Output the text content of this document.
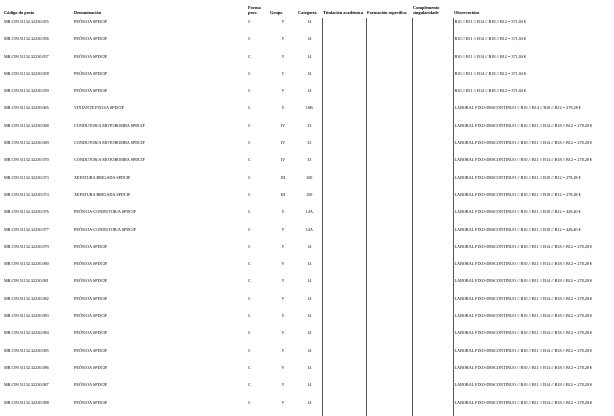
Código do posto	Denominación	Forma prov.	Grupo	Categoría	Titulación académica	Formación específica	Complemento singularidade	Observacións
MR.C99.51132.32230.055	PEÓN/OA SPDCIF	C	V	14				B10 // B11 // B14 // B18 // B12 = 371,04 €
MR.C99.51132.32230.056	PEÓN/OA SPDCIF	C	V	14				B10 // B11 // B14 // B18 // B12 = 371,04 €
MR.C99.51132.32230.057	PEÓN/OA SPDCIF	C	V	14				B10 // B11 // B14 // B18 // B12 = 371,04 €
MR.C99.51132.32230.058	PEÓN/OA SPDCIF	C	V	14				B10 // B11 // B14 // B18 // B12 = 371,04 €
MR.C99.51132.32230.059	PEÓN/OA SPDCIF	C	V	14				B10 // B11 // B14 // B18 // B12 = 371,04 €
MR.C99.51132.32230.065	VIXIANTE FIXO/A SPDCIF	C	V	16B				LABORAL FIXO-DESCONTINUO // B10 // B14 // B18 // B12 = 278,28 €
MR.C99.51132.32230.068	CONDUTOR/A MOTOBOMBA SPDCIF	C	IV	33				LABORAL FIXO-DESCONTINUO // B10 // B11 // B14 // B18 // B12 = 278,28 €
MR.C99.51132.32230.069	CONDUTOR/A MOTOBOMBA SPDCIF	C	IV	33				LABORAL FIXO-DESCONTINUO // B10 // B11 // B14 // B18 // B12 = 278,28 €
MR.C99.51132.32230.070	CONDUTOR/A MOTOBOMBA SPDCIF	C	IV	33				LABORAL FIXO-DESCONTINUO // B10 // B11 // B14 // B18 // B12 = 278,28 €
MR.C99.51132.32230.073	XEFATURA BRIGADA SPDCIF	C	III	100				LABORAL FIXO-DESCONTINUO // B10 // B11 // B18 // B12 = 278,28 €
MR.C99.51132.32230.074	XEFATURA BRIGADA SPDCIF	C	III	100				LABORAL FIXO-DESCONTINUO // B10 // B11 // B18 // B12 = 278,28 €
MR.C99.51132.32230.076	PEÓN/OA-CONDUTOR/A SPDCIF	C	V	14A				LABORAL FIXO-DESCONTINUO // B10 // B11 // B18 // B12 = 428,40 €
MR.C99.51132.32230.077	PEÓN/OA-CONDUTOR/A SPDCIF	C	V	14A				LABORAL FIXO-DESCONTINUO // B10 // B11 // B18 // B12 = 428,40 €
MR.C99.51132.32230.079	PEÓN/OA SPDCIF	C	V	14				LABORAL FIXO-DESCONTINUO // B10 // B11 // B14 // B18 // B12 = 278,28 €
MR.C99.51132.32230.080	PEÓN/OA SPDCIF	C	V	14				LABORAL FIXO-DESCONTINUO // B10 // B11 // B14 // B18 // B12 = 278,28 €
MR.C99.51132.32230.081	PEÓN/OA SPDCIF	C	V	14				LABORAL FIXO-DESCONTINUO // B10 // B11 // B14 // B18 // B12 = 278,28 €
MR.C99.51132.32230.082	PEÓN/OA SPDCIF	C	V	14				LABORAL FIXO-DESCONTINUO // B10 // B11 // B14 // B18 // B12 = 278,28 €
MR.C99.51132.32230.083	PEÓN/OA SPDCIF	C	V	14				LABORAL FIXO-DESCONTINUO // B10 // B11 // B14 // B18 // B12 = 278,28 €
MR.C99.51132.32230.084	PEÓN/OA SPDCIF	C	V	14				LABORAL FIXO-DESCONTINUO // B10 // B11 // B14 // B18 // B12 = 278,28 €
MR.C99.51132.32230.085	PEÓN/OA SPDCIF	C	V	14				LABORAL FIXO-DESCONTINUO // B10 // B11 // B14 // B18 // B12 = 278,28 €
MR.C99.51132.32230.086	PEÓN/OA SPDCIF	C	V	14				LABORAL FIXO-DESCONTINUO // B10 // B11 // B14 // B18 // B12 = 278,28 €
MR.C99.51132.32230.087	PEÓN/OA SPDCIF	C	V	14				LABORAL FIXO-DESCONTINUO // B10 // B11 // B14 // B18 // B12 = 278,28 €
MR.C99.51132.32230.088	PEÓN/OA SPDCIF	C	V	14				LABORAL FIXO-DESCONTINUO // B10 // B11 // B14 // B18 // B12 = 278,28 €
